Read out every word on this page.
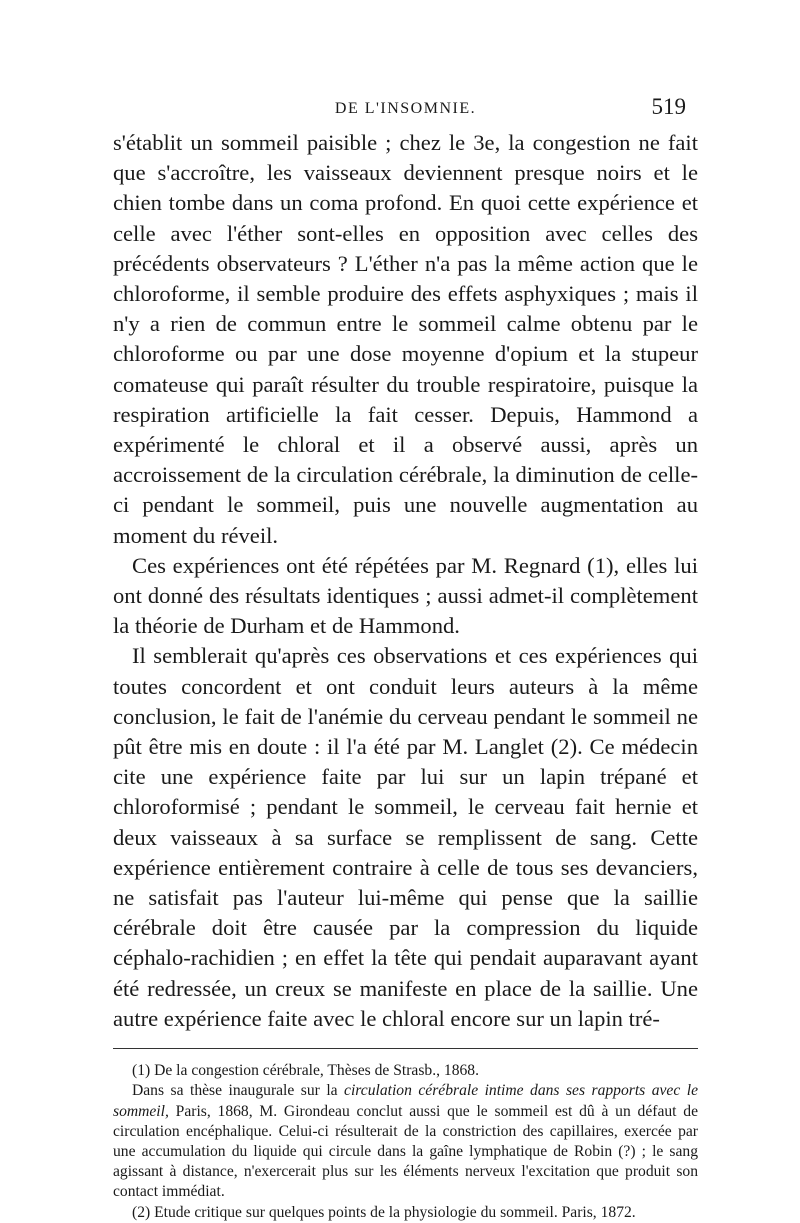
DE L'INSOMNIE.	519

s'établit un sommeil paisible ; chez le 3e, la congestion ne fait que s'accroître, les vaisseaux deviennent presque noirs et le chien tombe dans un coma profond. En quoi cette expérience et celle avec l'éther sont-elles en opposition avec celles des précédents observateurs ? L'éther n'a pas la même action que le chloroforme, il semble produire des effets asphyxiques ; mais il n'y a rien de commun entre le sommeil calme obtenu par le chloroforme ou par une dose moyenne d'opium et la stupeur comateuse qui paraît résulter du trouble respiratoire, puisque la respiration artificielle la fait cesser. Depuis, Hammond a expérimenté le chloral et il a observé aussi, après un accroissement de la circulation cérébrale, la diminution de celle-ci pendant le sommeil, puis une nouvelle augmentation au moment du réveil.

Ces expériences ont été répétées par M. Regnard (1), elles lui ont donné des résultats identiques ; aussi admet-il complètement la théorie de Durham et de Hammond.

Il semblerait qu'après ces observations et ces expériences qui toutes concordent et ont conduit leurs auteurs à la même conclusion, le fait de l'anémie du cerveau pendant le sommeil ne pût être mis en doute : il l'a été par M. Langlet (2). Ce médecin cite une expérience faite par lui sur un lapin trépané et chloroformisé ; pendant le sommeil, le cerveau fait hernie et deux vaisseaux à sa surface se remplissent de sang. Cette expérience entièrement contraire à celle de tous ses devanciers, ne satisfait pas l'auteur lui-même qui pense que la saillie cérébrale doit être causée par la compression du liquide céphalo-rachidien ; en effet la tête qui pendait auparavant ayant été redressée, un creux se manifeste en place de la saillie. Une autre expérience faite avec le chloral encore sur un lapin tré-

(1) De la congestion cérébrale, Thèses de Strasb., 1868.

Dans sa thèse inaugurale sur la circulation cérébrale intime dans ses rapports avec le sommeil, Paris, 1868, M. Girondeau conclut aussi que le sommeil est dû à un défaut de circulation encéphalique. Celui-ci résulterait de la constriction des capillaires, exercée par une accumulation du liquide qui circule dans la gaîne lymphatique de Robin (?) ; le sang agissant à distance, n'exercerait plus sur les éléments nerveux l'excitation que produit son contact immédiat.

(2) Etude critique sur quelques points de la physiologie du sommeil. Paris, 1872.
